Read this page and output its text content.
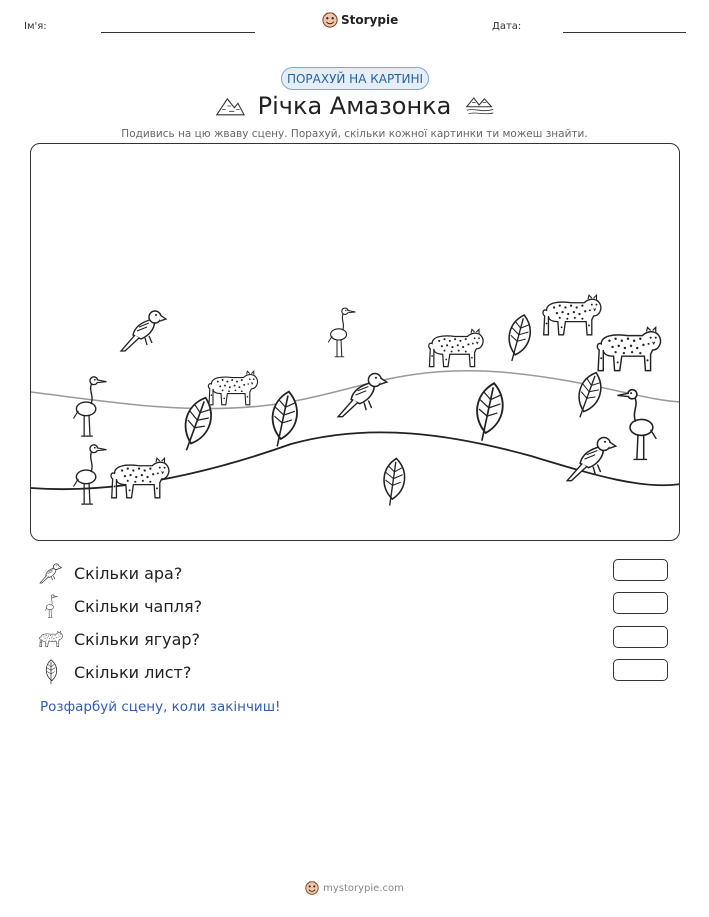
Ім'я:	Storypie	Дата:
ПОРАХУЙ НА КАРТИНІ
Річка Амазонка
Подивись на цю жваву сцену. Порахуй, скільки кожної картинки ти можеш знайти.
Скільки ара?
Скільки чапля?
Скільки ягуар?
Скільки лист?
Розфарбуй сцену, коли закінчиш!
mystorypie.com
